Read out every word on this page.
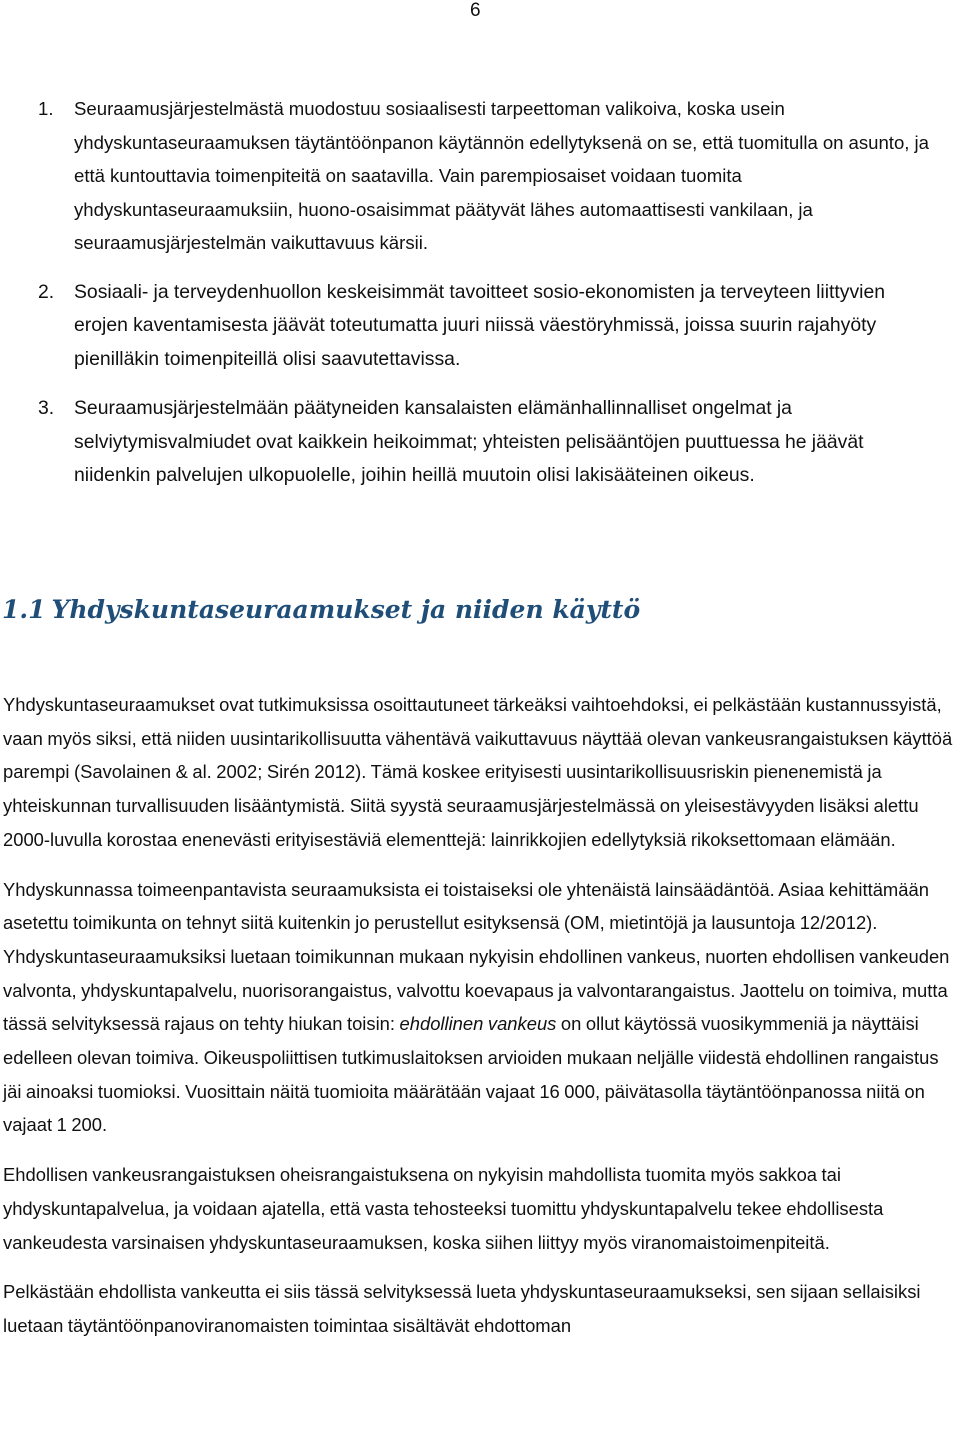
6
1. Seuraamusjärjestelmästä muodostuu sosiaalisesti tarpeettoman valikoiva, koska usein yhdyskuntaseuraamuksen täytäntöönpanon käytännön edellytyksenä on se, että tuomitulla on asunto, ja että kuntouttavia toimenpiteitä on saatavilla. Vain parempiosaiset voidaan tuomita yhdyskuntaseuraamuksiin, huono-osaisimmat päätyvät lähes automaattisesti vankilaan, ja seuraamusjärjestelmän vaikuttavuus kärsii.
2. Sosiaali- ja terveydenhuollon keskeisimmät tavoitteet sosio-ekonomisten ja terveyteen liittyvien erojen kaventamisesta jäävät toteutumatta juuri niissä väestöryhmissä, joissa suurin rajahyöty pienilläkin toimenpiteillä olisi saavutettavissa.
3. Seuraamusjärjestelmään päätyneiden kansalaisten elämänhallinnalliset ongelmat ja selviytymisvalmiudet ovat kaikkein heikoimmat; yhteisten pelisääntöjen puuttuessa he jäävät niidenkin palvelujen ulkopuolelle, joihin heillä muutoin olisi lakisääteinen oikeus.
1.1 Yhdyskuntaseuraamukset ja niiden käyttö

Yhdyskuntaseuraamukset ovat tutkimuksissa osoittautuneet tärkeäksi vaihtoehdoksi, ei pelkästään kustannussyistä, vaan myös siksi, että niiden uusintarikollisuutta vähentävä vaikuttavuus näyttää olevan vankeusrangaistuksen käyttöä parempi (Savolainen & al. 2002; Sirén 2012). Tämä koskee erityisesti uusintarikollisuusriskin pienenemistä ja yhteiskunnan turvallisuuden lisääntymistä. Siitä syystä seuraamusjärjestelmässä on yleisestävyyden lisäksi alettu 2000-luvulla korostaa enenevästi erityisestäviä elementtejä: lainrikkojien edellytyksiä rikoksettomaan elämään.

Yhdyskunnassa toimeenpantavista seuraamuksista ei toistaiseksi ole yhtenäistä lainsäädäntöä. Asiaa kehittämään asetettu toimikunta on tehnyt siitä kuitenkin jo perustellut esityksensä (OM, mietintöjä ja lausuntoja 12/2012). Yhdyskuntaseuraamuksiksi luetaan toimikunnan mukaan nykyisin ehdollinen vankeus, nuorten ehdollisen vankeuden valvonta, yhdyskuntapalvelu, nuorisorangaistus, valvottu koevapaus ja valvontarangaistus. Jaottelu on toimiva, mutta tässä selvityksessä rajaus on tehty hiukan toisin: ehdollinen vankeus on ollut käytössä vuosikymmeniä ja näyttäisi edelleen olevan toimiva. Oikeuspoliittisen tutkimuslaitoksen arvioiden mukaan neljälle viidestä ehdollinen rangaistus jäi ainoaksi tuomioksi. Vuosittain näitä tuomioita määrätään vajaat 16 000, päivätasolla täytäntöönpanossa niitä on vajaat 1 200.

Ehdollisen vankeusrangaistuksen oheisrangaistuksena on nykyisin mahdollista tuomita myös sakkoa tai yhdyskuntapalvelua, ja voidaan ajatella, että vasta tehosteeksi tuomittu yhdyskuntapalvelu tekee ehdollisesta vankeudesta varsinaisen yhdyskuntaseuraamuksen, koska siihen liittyy myös viranomaistoimenpiteitä.

Pelkästään ehdollista vankeutta ei siis tässä selvityksessä lueta yhdyskuntaseuraamukseksi, sen sijaan sellaisiksi luetaan täytäntöönpanoviranomaisten toimintaa sisältävät ehdottoman
